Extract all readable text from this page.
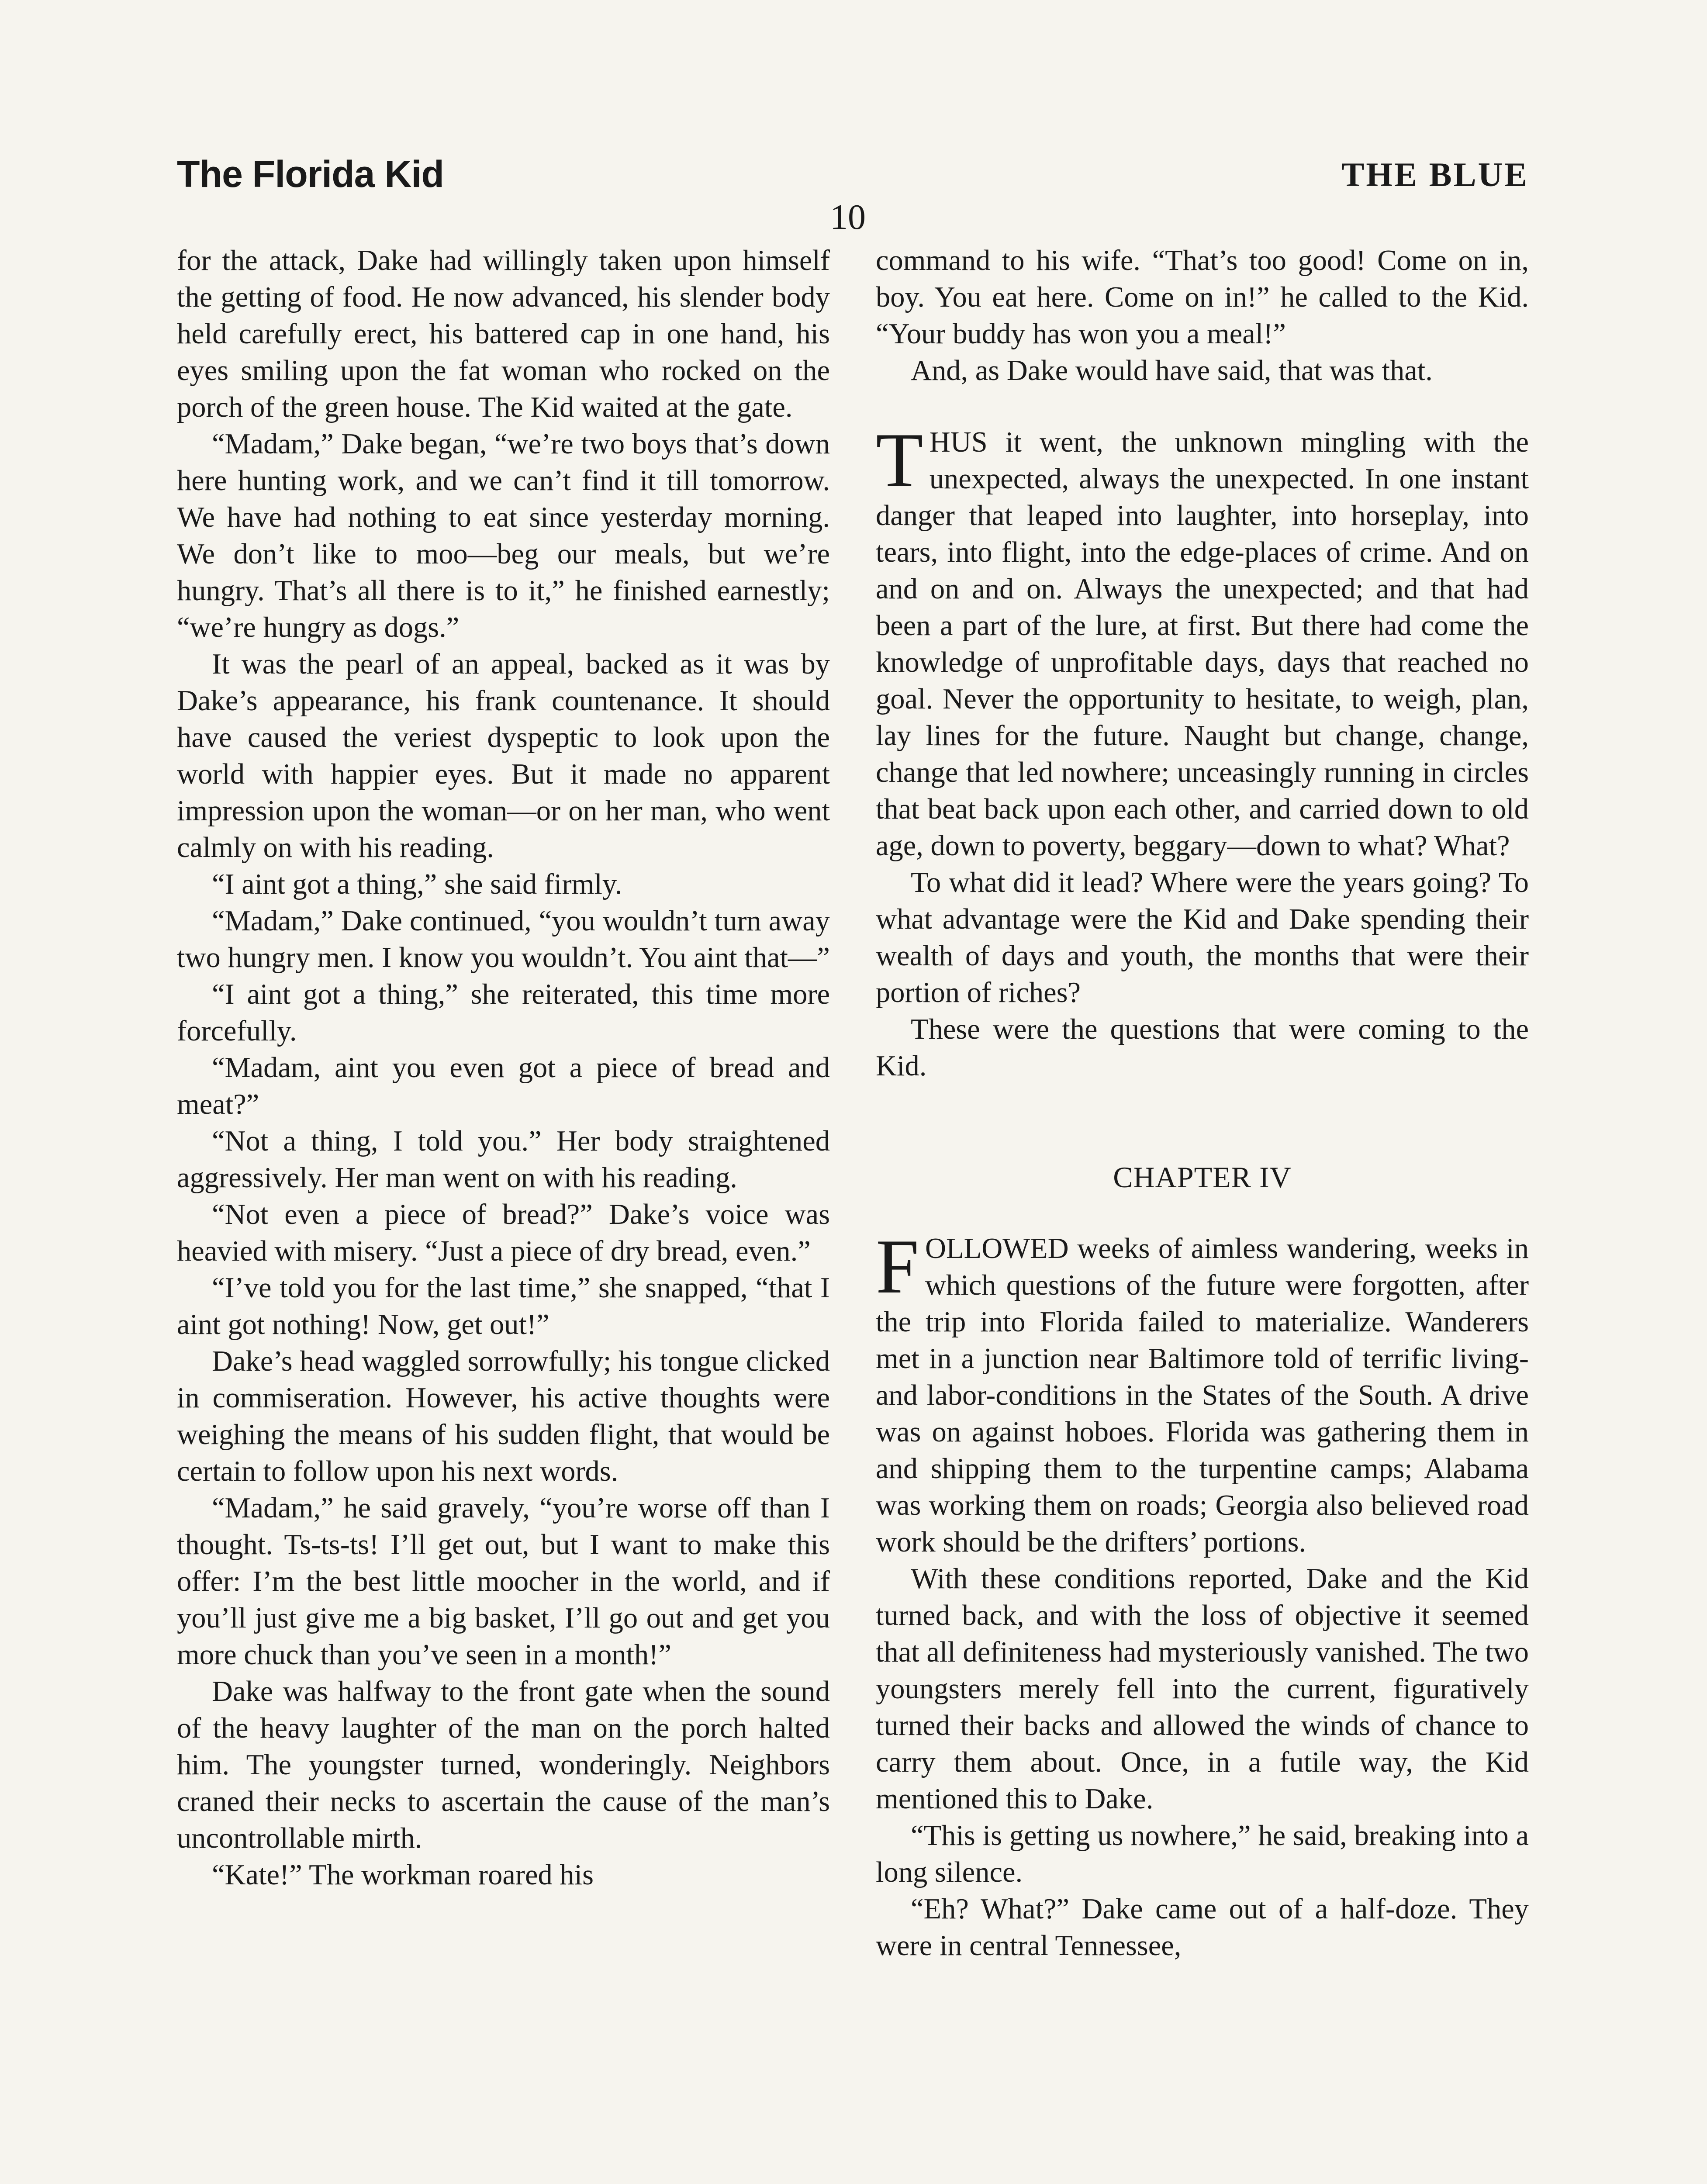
The Florida Kid	THE BLUE
10

for the attack, Dake had willingly taken upon himself the getting of food. He now advanced, his slender body held carefully erect, his battered cap in one hand, his eyes smiling upon the fat woman who rocked on the porch of the green house. The Kid waited at the gate.

“Madam,” Dake began, “we’re two boys that’s down here hunting work, and we can’t find it till tomorrow. We have had nothing to eat since yesterday morning. We don’t like to moo—beg our meals, but we’re hungry. That’s all there is to it,” he finished earnestly; “we’re hungry as dogs.”

It was the pearl of an appeal, backed as it was by Dake’s appearance, his frank countenance. It should have caused the veriest dyspeptic to look upon the world with happier eyes. But it made no apparent impression upon the woman—or on her man, who went calmly on with his reading.

“I aint got a thing,” she said firmly.

“Madam,” Dake continued, “you wouldn’t turn away two hungry men. I know you wouldn’t. You aint that—”

“I aint got a thing,” she reiterated, this time more forcefully.

“Madam, aint you even got a piece of bread and meat?”

“Not a thing, I told you.” Her body straightened aggressively. Her man went on with his reading.

“Not even a piece of bread?” Dake’s voice was heavied with misery. “Just a piece of dry bread, even.”

“I’ve told you for the last time,” she snapped, “that I aint got nothing! Now, get out!”

Dake’s head waggled sorrowfully; his tongue clicked in commiseration. However, his active thoughts were weighing the means of his sudden flight, that would be certain to follow upon his next words.

“Madam,” he said gravely, “you’re worse off than I thought. Ts-ts-ts! I’ll get out, but I want to make this offer: I’m the best little moocher in the world, and if you’ll just give me a big basket, I’ll go out and get you more chuck than you’ve seen in a month!”

Dake was halfway to the front gate when the sound of the heavy laughter of the man on the porch halted him. The youngster turned, wonderingly. Neighbors craned their necks to ascertain the cause of the man’s uncontrollable mirth.

“Kate!” The workman roared his

command to his wife. “That’s too good! Come on in, boy. You eat here. Come on in!” he called to the Kid. “Your buddy has won you a meal!”

And, as Dake would have said, that was that.

THUS it went, the unknown mingling with the unexpected, always the unexpected. In one instant danger that leaped into laughter, into horseplay, into tears, into flight, into the edge-places of crime. And on and on and on. Always the unexpected; and that had been a part of the lure, at first. But there had come the knowledge of unprofitable days, days that reached no goal. Never the opportunity to hesitate, to weigh, plan, lay lines for the future. Naught but change, change, change that led nowhere; unceasingly running in circles that beat back upon each other, and carried down to old age, down to poverty, beggary—down to what? What?

To what did it lead? Where were the years going? To what advantage were the Kid and Dake spending their wealth of days and youth, the months that were their portion of riches?

These were the questions that were coming to the Kid.

CHAPTER IV

FOLLOWED weeks of aimless wandering, weeks in which questions of the future were forgotten, after the trip into Florida failed to materialize. Wanderers met in a junction near Baltimore told of terrific living- and labor-conditions in the States of the South. A drive was on against hoboes. Florida was gathering them in and shipping them to the turpentine camps; Alabama was working them on roads; Georgia also believed road work should be the drifters’ portions.

With these conditions reported, Dake and the Kid turned back, and with the loss of objective it seemed that all definiteness had mysteriously vanished. The two youngsters merely fell into the current, figuratively turned their backs and allowed the winds of chance to carry them about. Once, in a futile way, the Kid mentioned this to Dake.

“This is getting us nowhere,” he said, breaking into a long silence.

“Eh? What?” Dake came out of a half-doze. They were in central Tennessee,
